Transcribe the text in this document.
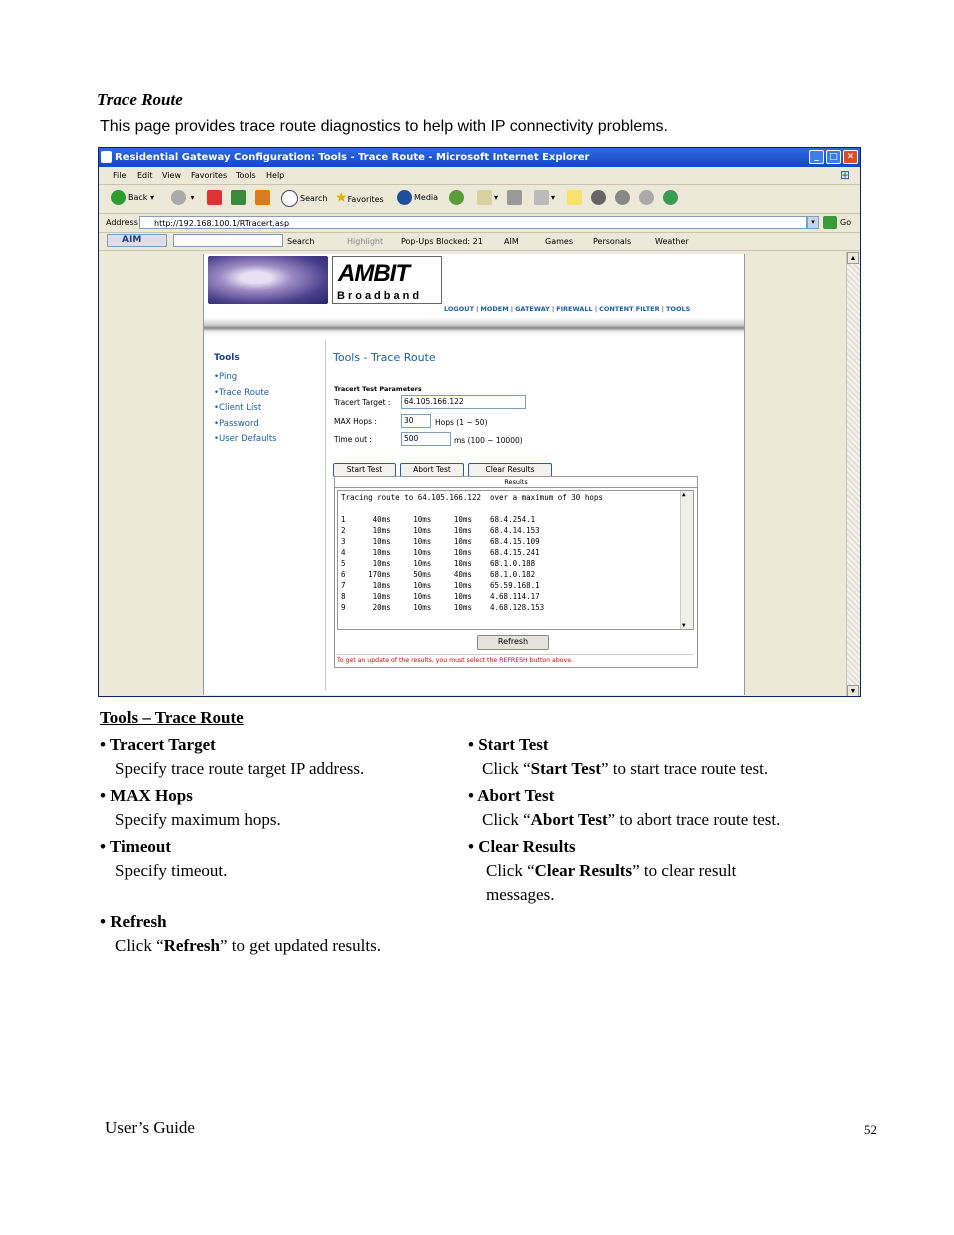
Trace Route
This page provides trace route diagnostics to help with IP connectivity problems.
Residential Gateway Configuration: Tools - Trace Route - Microsoft Internet Explorer	_	□ ✕
File Edit View Favorites Tools Help	⊞
Back ▾	▾	Search ★Favorites	Media	▾	▾
Address	http://192.168.100.1/RTracert.asp	▾	Go
AIM	Search	Highlight Pop-Ups Blocked: 21	AIM	Games	Personals	Weather
AMBIT
Broadband
LOGOUT | MODEM | GATEWAY | FIREWALL | CONTENT FILTER | TOOLS
Tools
•Ping
•Trace Route
•Client List
•Password
•User Defaults
Tools - Trace Route
Tracert Test Parameters
Tracert Target :	64.105.166.122
MAX Hops :	30	Hops (1 ~ 50)
Time out :	500	ms (100 ~ 10000)
Start Test	Abort Test	Clear Results
Results
Tracing route to 64.105.166.122  over a maximum of 30 hops
1      40ms     10ms     10ms    68.4.254.1
2      10ms     10ms     10ms    68.4.14.153
3      10ms     10ms     10ms    68.4.15.109
4      10ms     10ms     10ms    68.4.15.241
5      10ms     10ms     10ms    68.1.0.188
6     170ms     50ms     40ms    68.1.0.182
7      10ms     10ms     10ms    65.59.168.1
8      10ms     10ms     10ms    4.68.114.17
9      20ms     10ms     10ms    4.68.128.153
▲
▼
Refresh
To get an update of the results, you must select the REFRESH button above.
▲
▼
Tools – Trace Route
• Tracert Target
Specify trace route target IP address.
• MAX Hops
Specify maximum hops.
• Timeout
Specify timeout.
• Refresh
Click “Refresh” to get updated results.
• Start Test
Click “Start Test” to start trace route test.
• Abort Test
Click “Abort Test” to abort trace route test.
• Clear Results
Click “Clear Results” to clear result
messages.
User’s Guide	52
